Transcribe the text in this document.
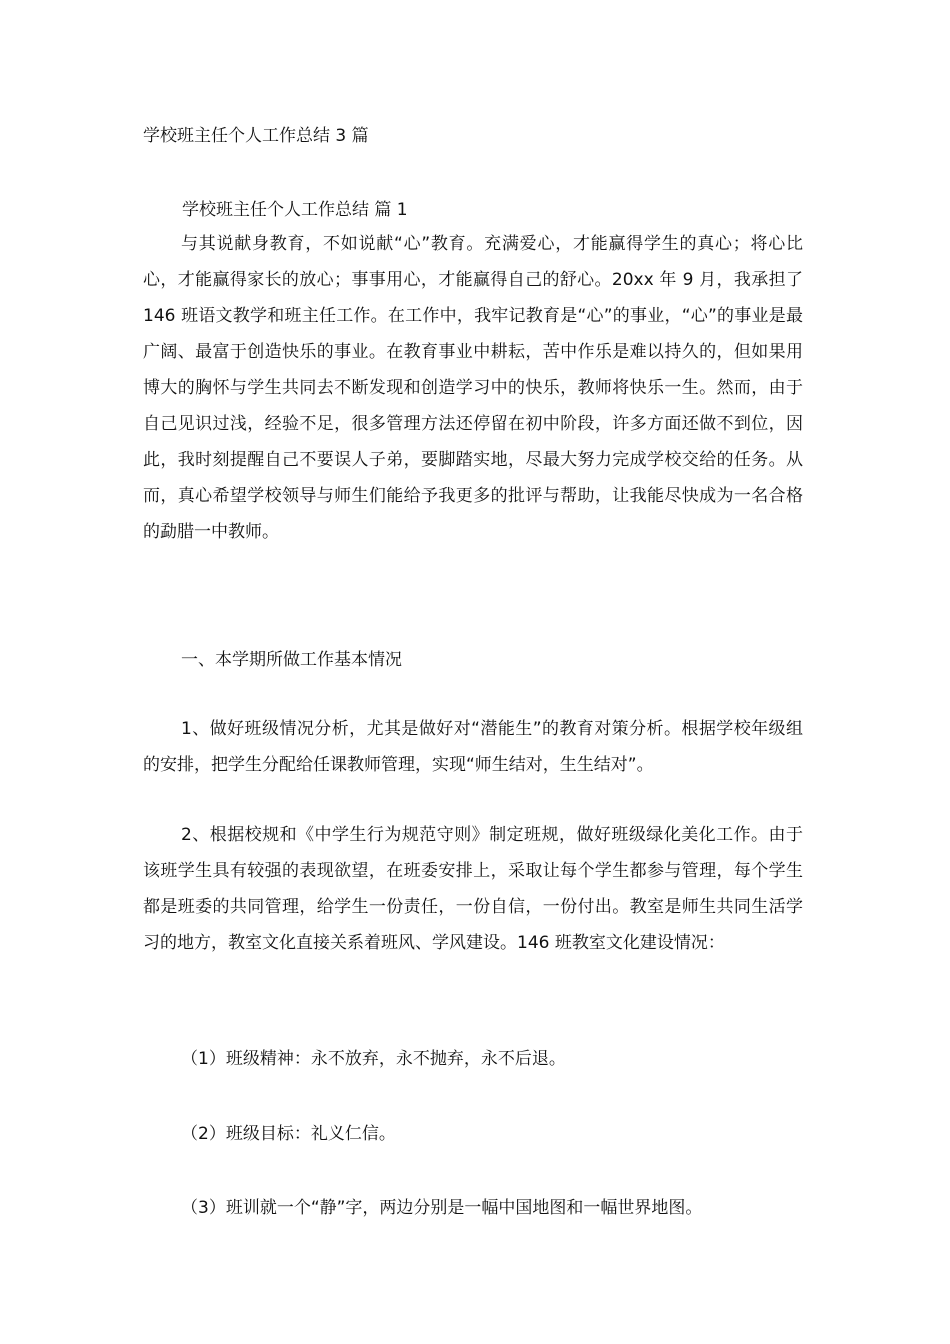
学校班主任个人工作总结 3 篇
学校班主任个人工作总结 篇 1

与其说献身教育，不如说献“心”教育。充满爱心，才能赢得学生的真心；将心比心，才能赢得家长的放心；事事用心，才能赢得自己的舒心。20xx 年 9 月，我承担了 146 班语文教学和班主任工作。在工作中，我牢记教育是“心”的事业，“心”的事业是最广阔、最富于创造快乐的事业。在教育事业中耕耘，苦中作乐是难以持久的，但如果用博大的胸怀与学生共同去不断发现和创造学习中的快乐，教师将快乐一生。然而，由于自己见识过浅，经验不足，很多管理方法还停留在初中阶段，许多方面还做不到位，因此，我时刻提醒自己不要误人子弟，要脚踏实地，尽最大努力完成学校交给的任务。从而，真心希望学校领导与师生们能给予我更多的批评与帮助，让我能尽快成为一名合格的勐腊一中教师。

一、本学期所做工作基本情况

1、做好班级情况分析，尤其是做好对“潜能生”的教育对策分析。根据学校年级组的安排，把学生分配给任课教师管理，实现“师生结对，生生结对”。

2、根据校规和《中学生行为规范守则》制定班规，做好班级绿化美化工作。由于该班学生具有较强的表现欲望，在班委安排上，采取让每个学生都参与管理，每个学生都是班委的共同管理，给学生一份责任，一份自信，一份付出。教室是师生共同生活学习的地方，教室文化直接关系着班风、学风建设。146 班教室文化建设情况：

（1）班级精神：永不放弃，永不抛弃，永不后退。

（2）班级目标：礼义仁信。

（3）班训就一个“静”字，两边分别是一幅中国地图和一幅世界地图。
